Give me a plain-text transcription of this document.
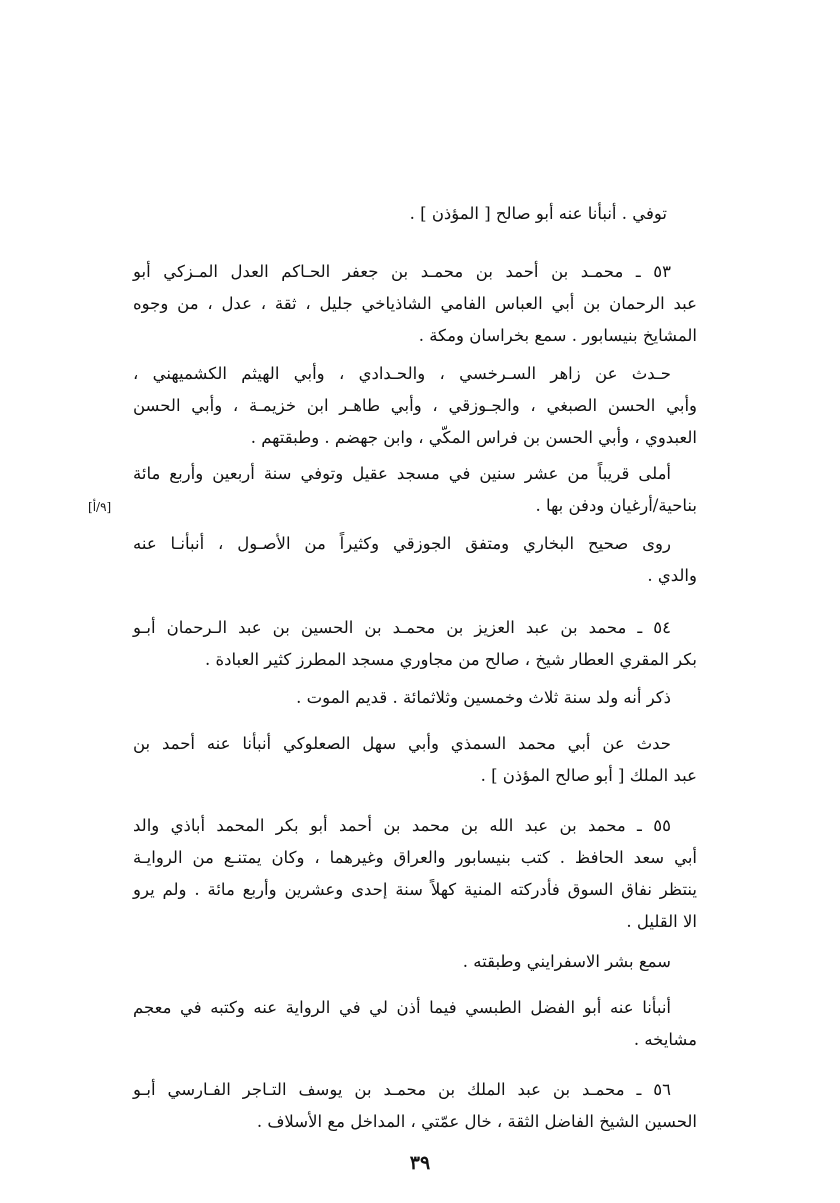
توفي . أنبأنا عنه أبو صالح [ المؤذن ] .
٥٣ ـ محمـد بن أحمد بن محمـد بن جعفر الحـاكم العدل المـزكي أبو
عبد الرحمان بن أبي العباس الفامي الشاذياخي جليل ، ثقة ، عدل ، من وجوه
المشايخ بنيسابور . سمع بخراسان ومكة .
حـدث عن زاهر السـرخسي ، والحـدادي ، وأبي الهيثم الكشميهني ،
وأبي الحسن الصبغي ، والجـوزقي ، وأبي طاهـر ابن خزيمـة ، وأبي الحسن
العبدوي ، وأبي الحسن بن فراس المكّي ، وابن جهضم . وطبقتهم .
أملى قريباً من عشر سنين في مسجد عقيل وتوفي سنة أربعين وأربع مائة
بناحية/أرغيان ودفن بها .
روى صحيح البخاري ومتفق الجوزقي وكثيراً من الأصـول ، أنبأنـا عنه
والدي .
٥٤ ـ محمد بن عبد العزيز بن محمـد بن الحسين بن عبد الـرحمان أبـو
بكر المقري العطار شيخ ، صالح من مجاوري مسجد المطرز كثير العبادة .
ذكر أنه ولد سنة ثلاث وخمسين وثلاثمائة . قديم الموت .
حدث عن أبي محمد السمذي وأبي سهل الصعلوكي أنبأنا عنه أحمد بن
عبد الملك [ أبو صالح المؤذن ] .
٥٥ ـ محمد بن عبد الله بن محمد بن أحمد أبو بكر المحمد أباذي والد
أبي سعد الحافظ . كتب بنيسابور والعراق وغيرهما ، وكان يمتنـع من الروايـة
ينتظر نفاق السوق فأدركته المنية كهلاً سنة إحدى وعشرين وأربع مائة . ولم يرو
الا القليل .
سمع بشر الاسفرايني وطبقته .
أنبأنا عنه أبو الفضل الطبسي فيما أذن لي في الرواية عنه وكتبه في معجم
مشايخه .
٥٦ ـ محمـد بن عبد الملك بن محمـد بن يوسف التـاجر الفـارسي أبـو
الحسين الشيخ الفاضل الثقة ، خال عمّتي ، المداخل مع الأسلاف .
[٩/أ]
٣٩
